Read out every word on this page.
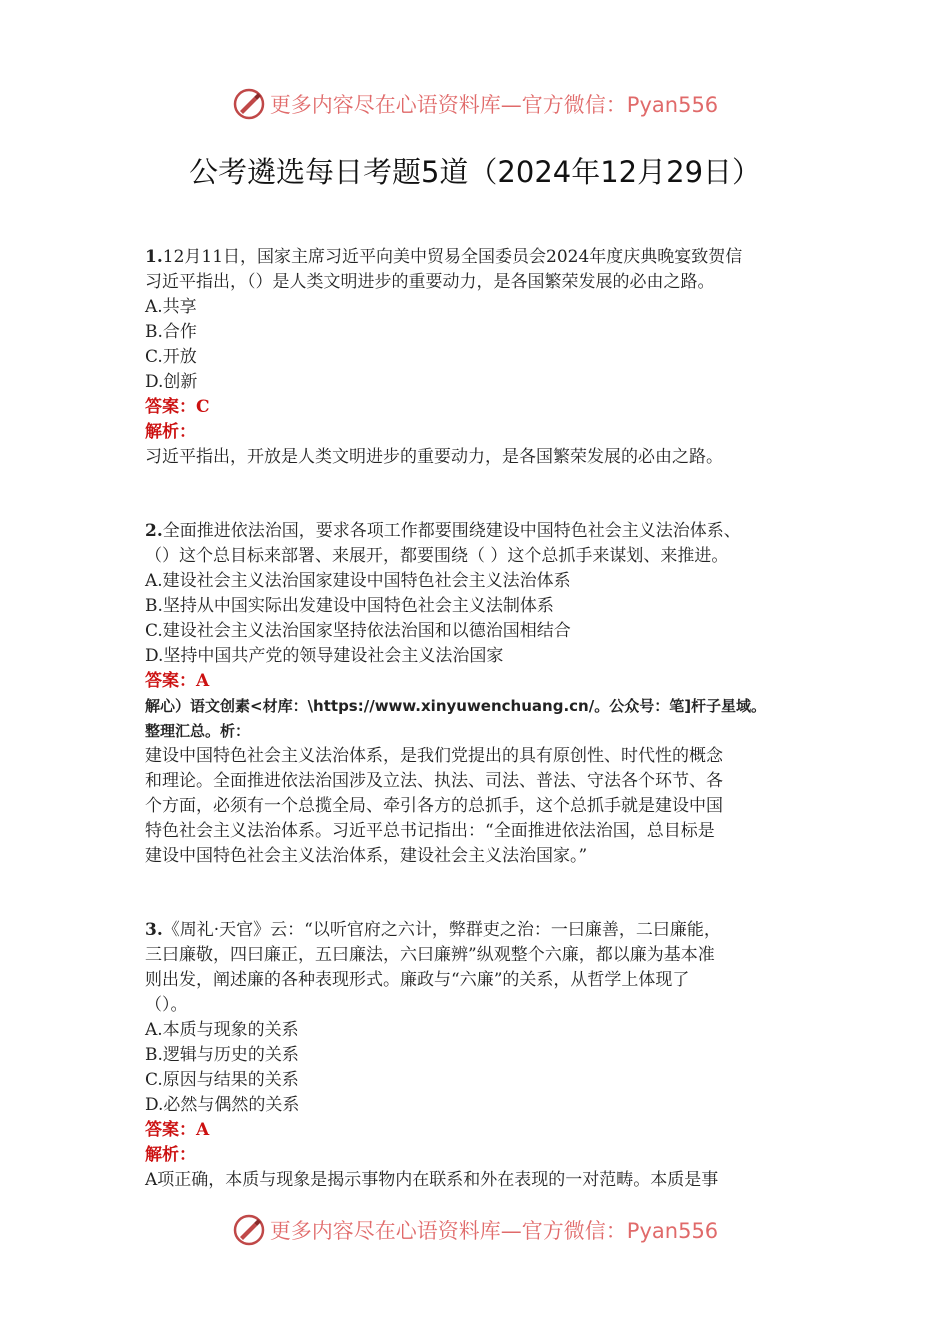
更多内容尽在心语资料库—官方微信：Pyan556
公考遴选每日考题5道（2024年12月29日）
1.12月11日，国家主席习近平向美中贸易全国委员会2024年度庆典晚宴致贺信
习近平指出，（）是人类文明进步的重要动力，是各国繁荣发展的必由之路。
A.共享
B.合作
C.开放
D.创新
答案：C
解析：
习近平指出，开放是人类文明进步的重要动力，是各国繁荣发展的必由之路。
2.全面推进依法治国，要求各项工作都要围绕建设中国特色社会主义法治体系、
（）这个总目标来部署、来展开，都要围绕（ ）这个总抓手来谋划、来推进。
A.建设社会主义法治国家建设中国特色社会主义法治体系
B.坚持从中国实际出发建设中国特色社会主义法制体系
C.建设社会主义法治国家坚持依法治国和以德治国相结合
D.坚持中国共产党的领导建设社会主义法治国家
答案：A
解心）语文创素<材库：\https://www.xinyuwenchuang.cn/。公众号：笔]杆子星域。
整理汇总。析：
建设中国特色社会主义法治体系，是我们党提出的具有原创性、时代性的概念
和理论。全面推进依法治国涉及立法、执法、司法、普法、守法各个环节、各
个方面，必须有一个总揽全局、牵引各方的总抓手，这个总抓手就是建设中国
特色社会主义法治体系。习近平总书记指出：“全面推进依法治国，总目标是
建设中国特色社会主义法治体系，建设社会主义法治国家。”
3.《周礼·天官》云：“以听官府之六计，弊群吏之治：一曰廉善，二曰廉能，
三曰廉敬，四曰廉正，五曰廉法，六曰廉辨”纵观整个六廉，都以廉为基本准
则出发，阐述廉的各种表现形式。廉政与“六廉”的关系，从哲学上体现了
（）。
A.本质与现象的关系
B.逻辑与历史的关系
C.原因与结果的关系
D.必然与偶然的关系
答案：A
解析：
A项正确，本质与现象是揭示事物内在联系和外在表现的一对范畴。本质是事
更多内容尽在心语资料库—官方微信：Pyan556
